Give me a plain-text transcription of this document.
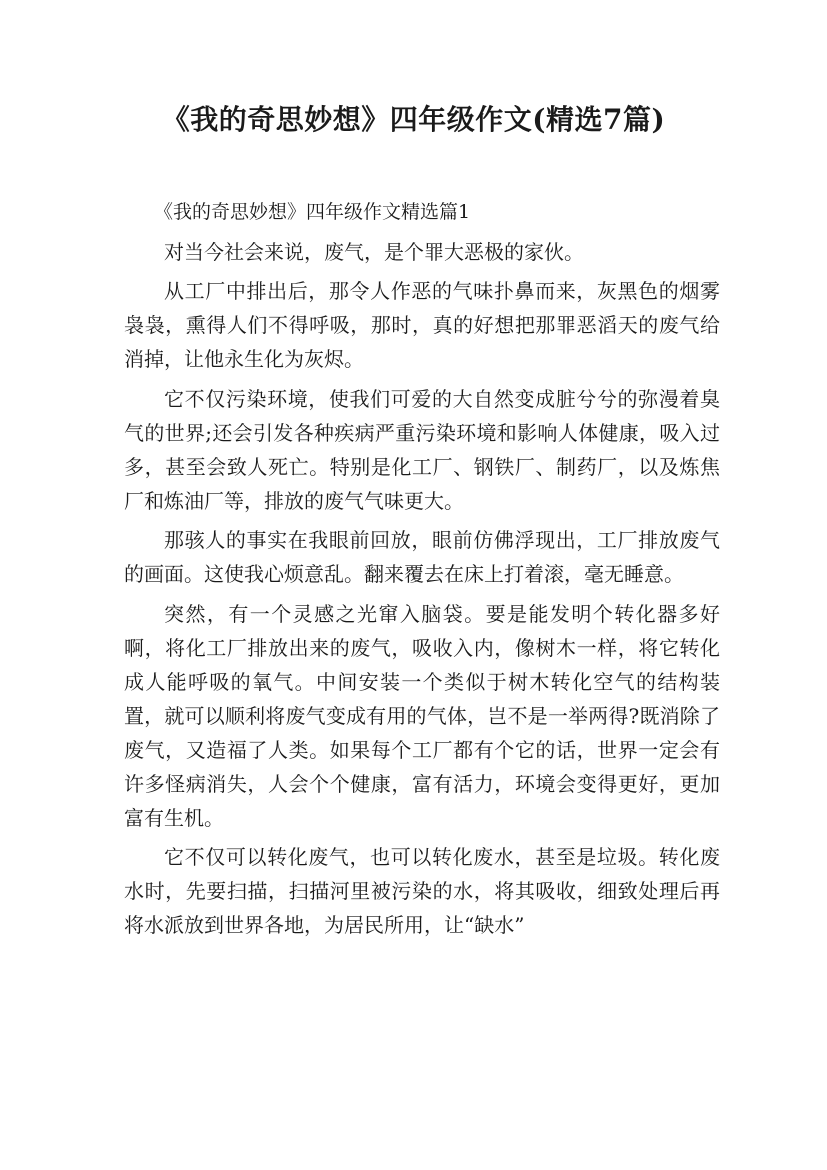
《我的奇思妙想》四年级作文(精选7篇)

《我的奇思妙想》四年级作文精选篇1

对当今社会来说，废气，是个罪大恶极的家伙。

从工厂中排出后，那令人作恶的气味扑鼻而来，灰黑色的烟雾袅袅，熏得人们不得呼吸，那时，真的好想把那罪恶滔天的废气给消掉，让他永生化为灰烬。

它不仅污染环境，使我们可爱的大自然变成脏兮兮的弥漫着臭气的世界;还会引发各种疾病严重污染环境和影响人体健康，吸入过多，甚至会致人死亡。特别是化工厂、钢铁厂、制药厂，以及炼焦厂和炼油厂等，排放的废气气味更大。

那骇人的事实在我眼前回放，眼前仿佛浮现出，工厂排放废气的画面。这使我心烦意乱。翻来覆去在床上打着滚，毫无睡意。

突然，有一个灵感之光窜入脑袋。要是能发明个转化器多好啊，将化工厂排放出来的废气，吸收入内，像树木一样，将它转化成人能呼吸的氧气。中间安装一个类似于树木转化空气的结构装置，就可以顺利将废气变成有用的气体，岂不是一举两得?既消除了废气，又造福了人类。如果每个工厂都有个它的话，世界一定会有许多怪病消失，人会个个健康，富有活力，环境会变得更好，更加富有生机。

它不仅可以转化废气，也可以转化废水，甚至是垃圾。转化废水时，先要扫描，扫描河里被污染的水，将其吸收，细致处理后再将水派放到世界各地，为居民所用，让“缺水”
